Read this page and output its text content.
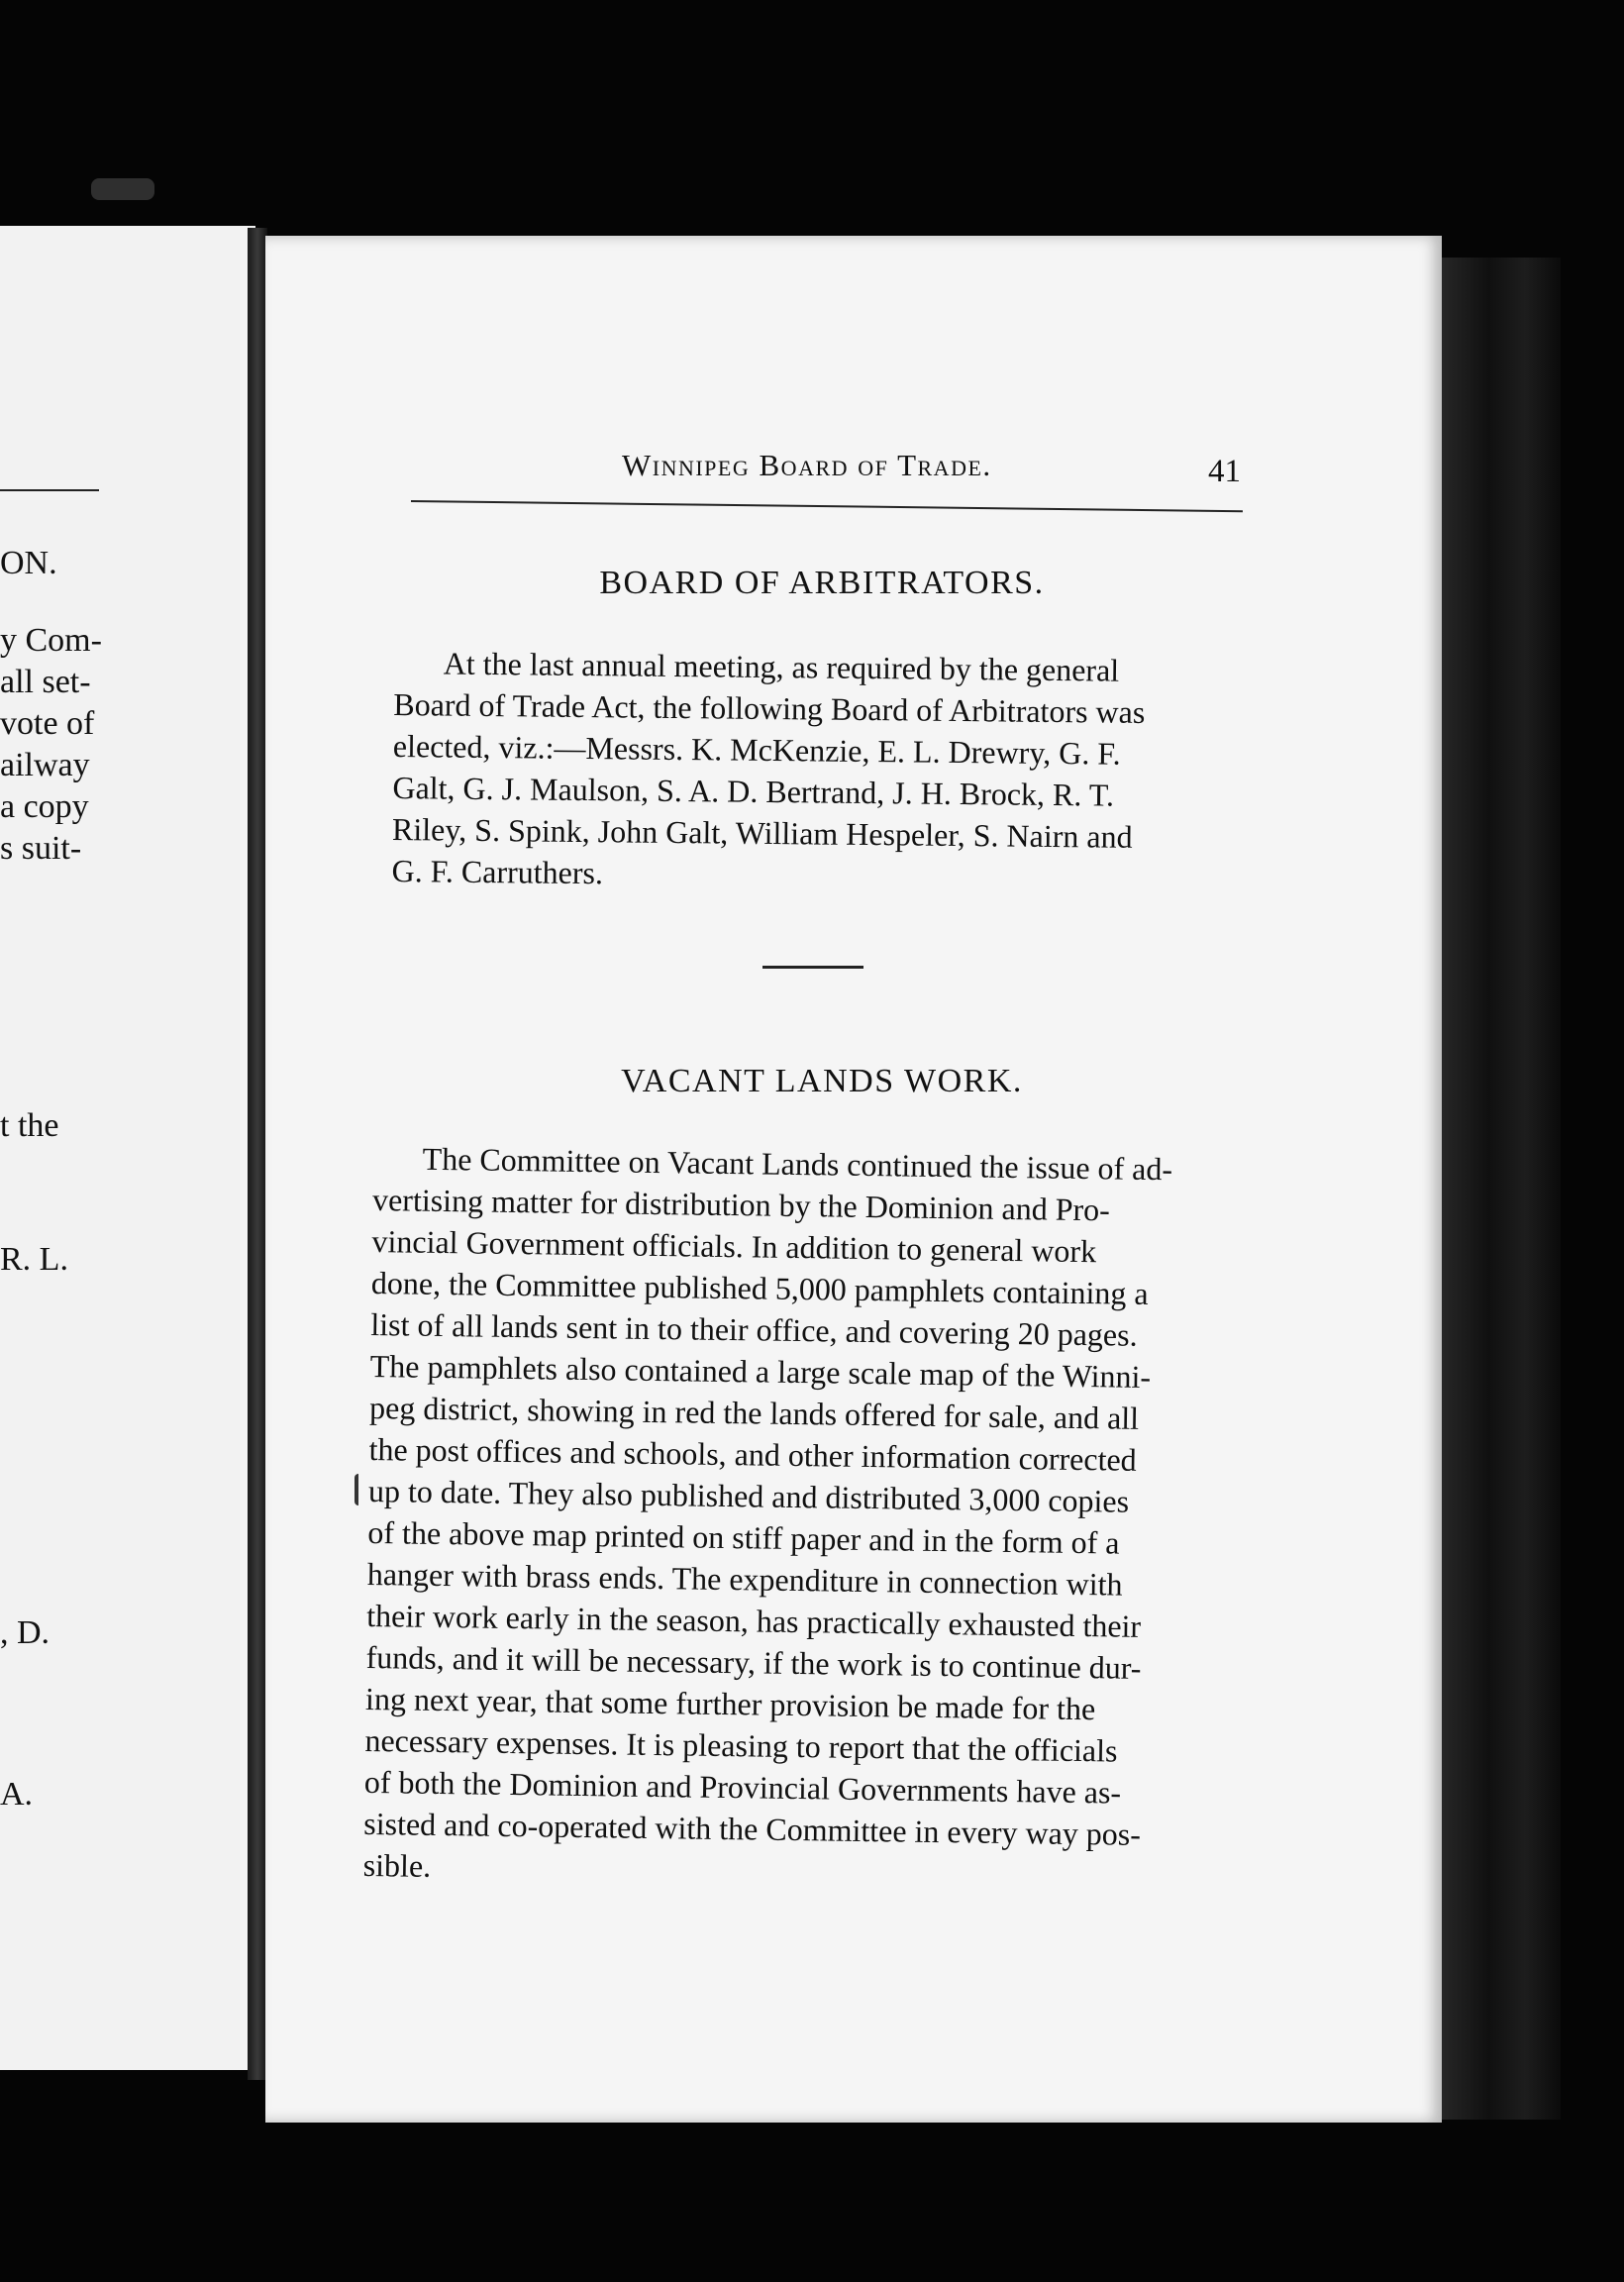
ON.
y Com-
all set-
vote of
ailway
a copy
s suit-
t the
R. L.
, D.
A.
Winnipeg Board of Trade.	41
BOARD OF ARBITRATORS.
At the last annual meeting, as required by the general
Board of Trade Act, the following Board of Arbitrators was
elected, viz.:—Messrs. K. McKenzie, E. L. Drewry, G. F.
Galt, G. J. Maulson, S. A. D. Bertrand, J. H. Brock, R. T.
Riley, S. Spink, John Galt, William Hespeler, S. Nairn and
G. F. Carruthers.
VACANT LANDS WORK.
The Committee on Vacant Lands continued the issue of ad-
vertising matter for distribution by the Dominion and Pro-
vincial Government officials. In addition to general work
done, the Committee published 5,000 pamphlets containing a
list of all lands sent in to their office, and covering 20 pages.
The pamphlets also contained a large scale map of the Winni-
peg district, showing in red the lands offered for sale, and all
the post offices and schools, and other information corrected
up to date. They also published and distributed 3,000 copies
of the above map printed on stiff paper and in the form of a
hanger with brass ends. The expenditure in connection with
their work early in the season, has practically exhausted their
funds, and it will be necessary, if the work is to continue dur-
ing next year, that some further provision be made for the
necessary expenses. It is pleasing to report that the officials
of both the Dominion and Provincial Governments have as-
sisted and co-operated with the Committee in every way pos-
sible.
